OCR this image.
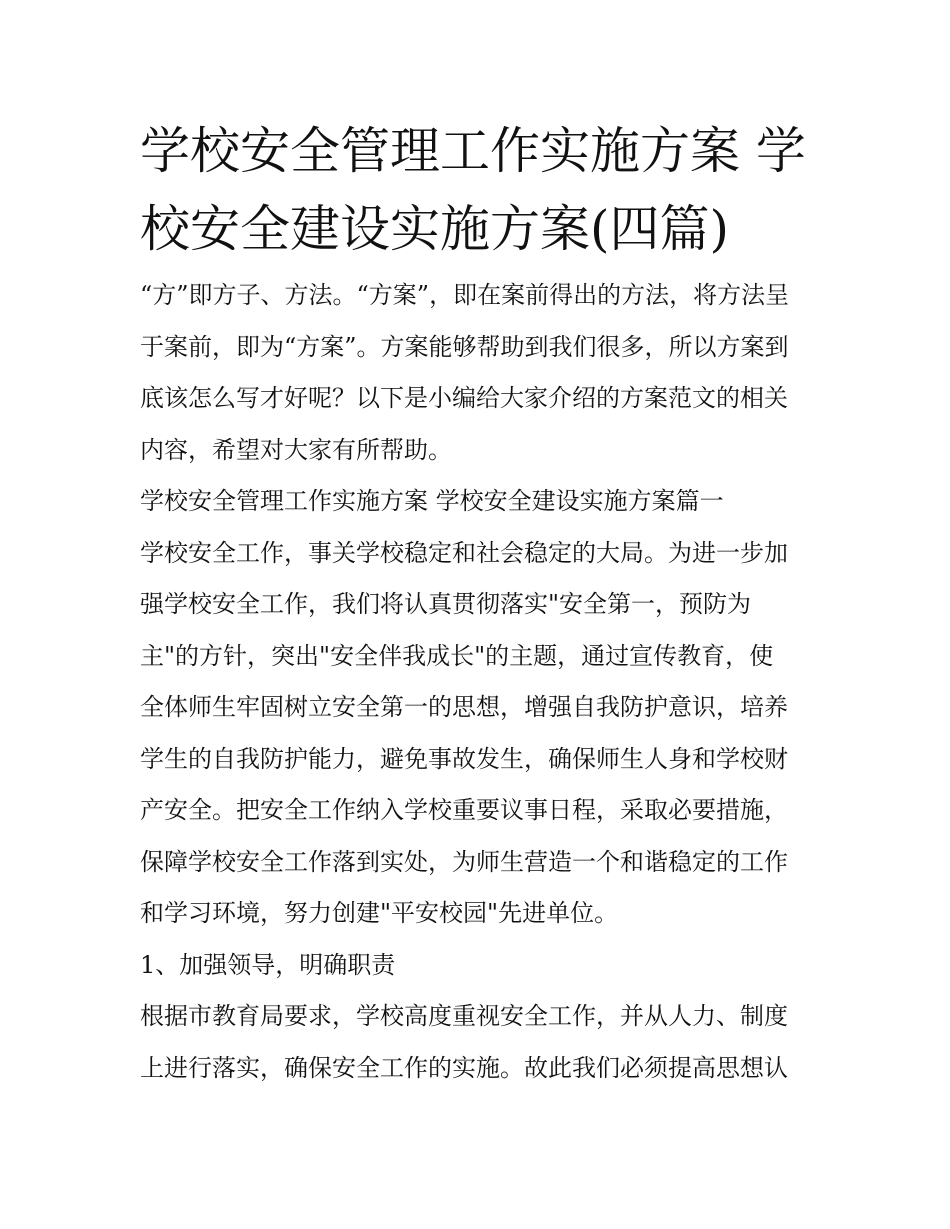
学校安全管理工作实施方案 学
校安全建设实施方案(四篇)

“方”即方子、方法。“方案”，即在案前得出的方法，将方法呈

于案前，即为“方案”。方案能够帮助到我们很多，所以方案到

底该怎么写才好呢？以下是小编给大家介绍的方案范文的相关

内容，希望对大家有所帮助。

学校安全管理工作实施方案 学校安全建设实施方案篇一

学校安全工作，事关学校稳定和社会稳定的大局。为进一步加

强学校安全工作，我们将认真贯彻落实"安全第一，预防为

主"的方针，突出"安全伴我成长"的主题，通过宣传教育，使

全体师生牢固树立安全第一的思想，增强自我防护意识，培养

学生的自我防护能力，避免事故发生，确保师生人身和学校财

产安全。把安全工作纳入学校重要议事日程，采取必要措施，

保障学校安全工作落到实处，为师生营造一个和谐稳定的工作

和学习环境，努力创建"平安校园"先进单位。

1、加强领导，明确职责

根据市教育局要求，学校高度重视安全工作，并从人力、制度

上进行落实，确保安全工作的实施。故此我们必须提高思想认
